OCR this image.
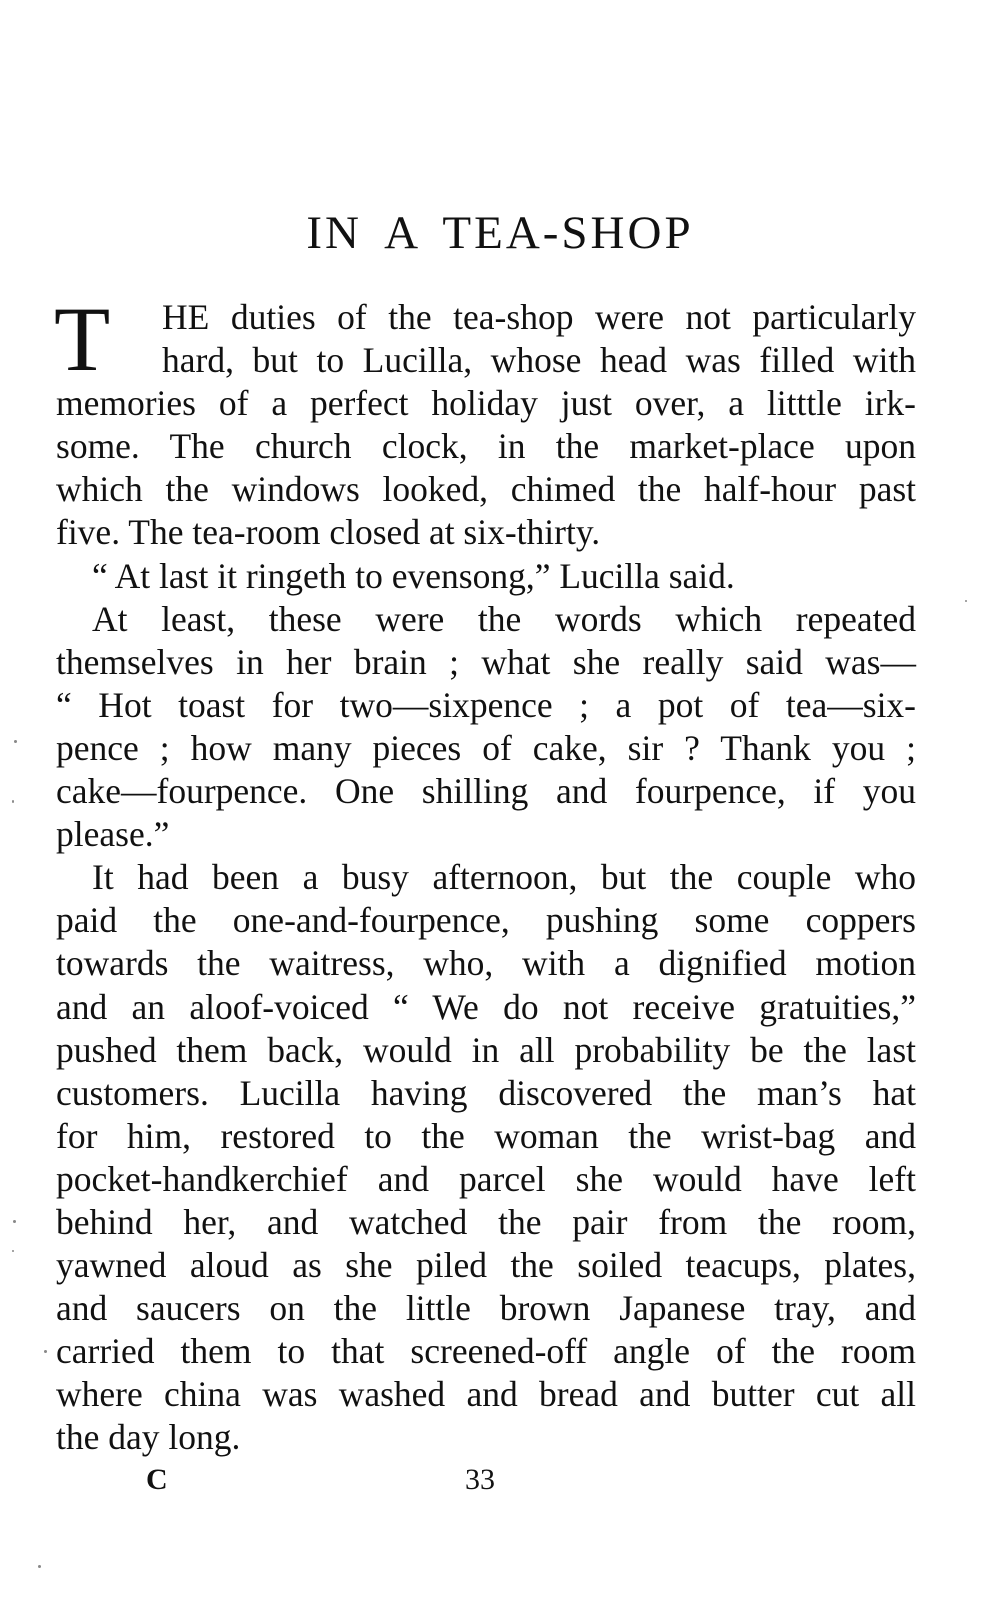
IN A TEA-SHOP
T	HE duties of the tea-shop were not particularly
hard, but to Lucilla, whose head was filled with
memories of a perfect holiday just over, a litttle irk-
some. The church clock, in the market-place upon
which the windows looked, chimed the half-hour past
five. The tea-room closed at six-thirty.
“ At last it ringeth to evensong,” Lucilla said.
At least, these were the words which repeated
themselves in her brain ; what she really said was—
“ Hot toast for two—sixpence ; a pot of tea—six-
pence ; how many pieces of cake, sir ? Thank you ;
cake—fourpence. One shilling and fourpence, if you
please.”
It had been a busy afternoon, but the couple who
paid the one-and-fourpence, pushing some coppers
towards the waitress, who, with a dignified motion
and an aloof-voiced “ We do not receive gratuities,”
pushed them back, would in all probability be the last
customers. Lucilla having discovered the man’s hat
for him, restored to the woman the wrist-bag and
pocket-handkerchief and parcel she would have left
behind her, and watched the pair from the room,
yawned aloud as she piled the soiled teacups, plates,
and saucers on the little brown Japanese tray, and
carried them to that screened-off angle of the room
where china was washed and bread and butter cut all
the day long.
C	33
